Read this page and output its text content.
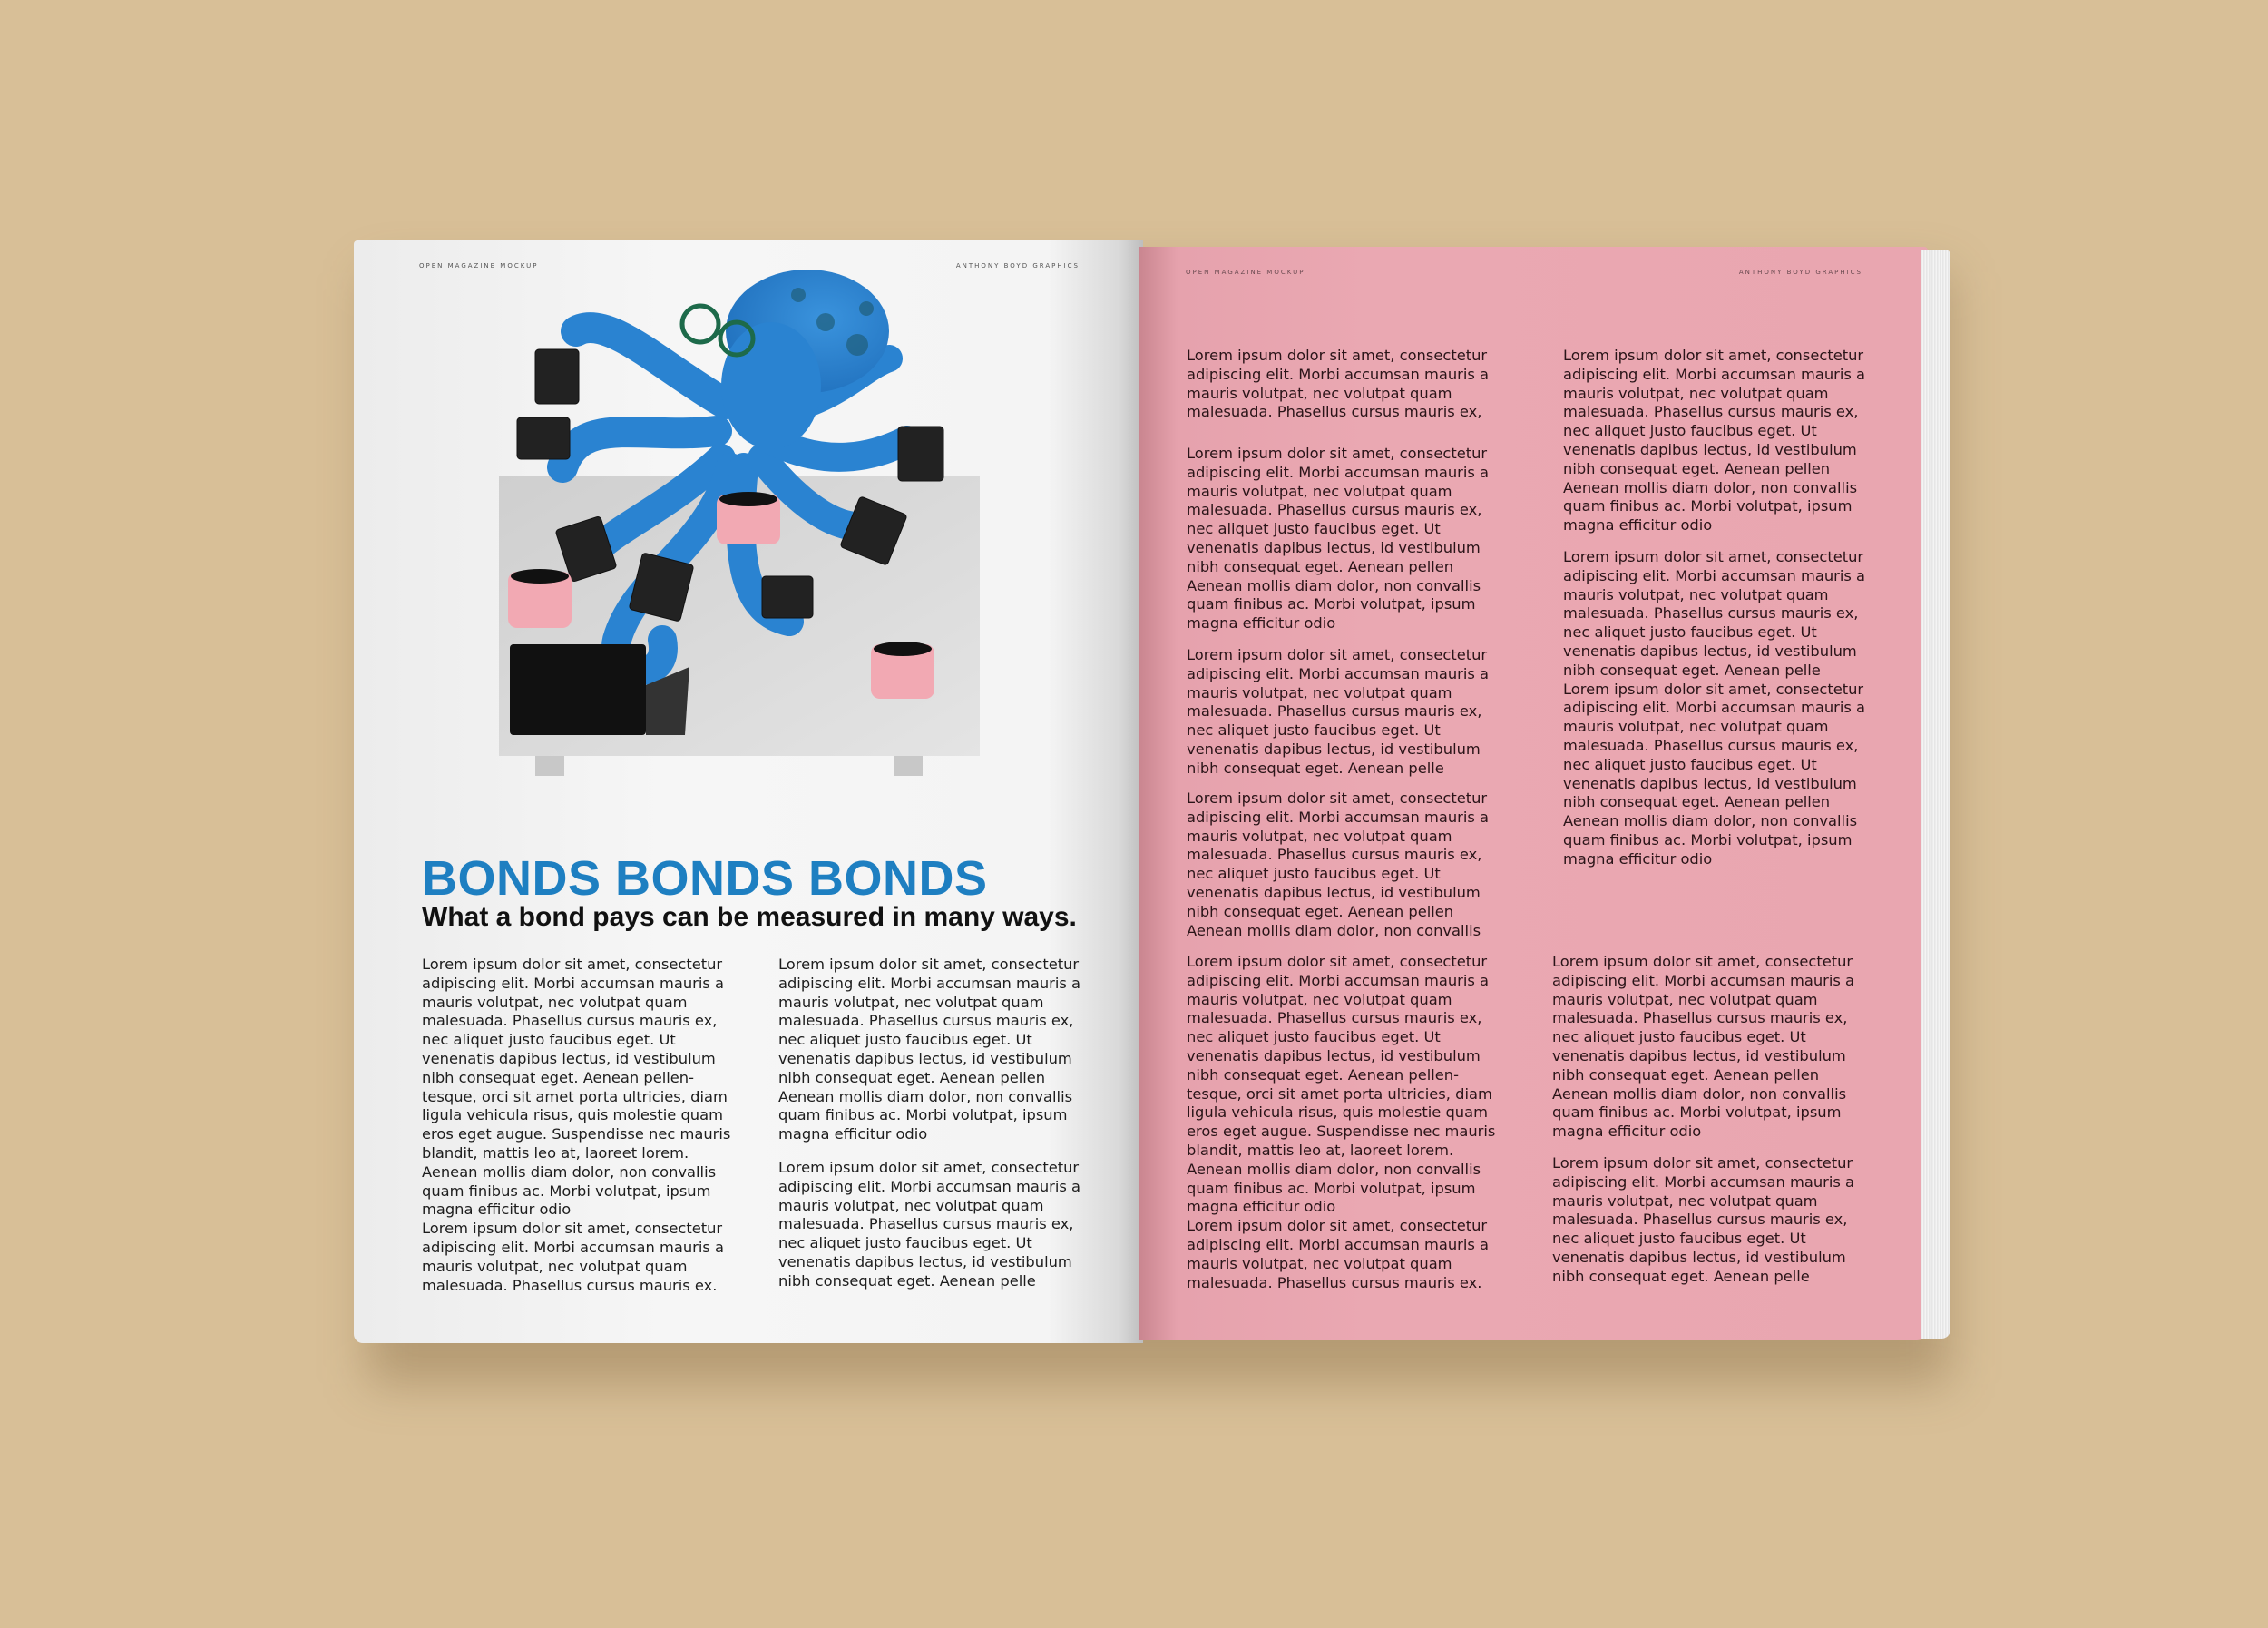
OPEN MAGAZINE MOCKUP	ANTHONY BOYD GRAPHICS
BONDS BONDS BONDS
What a bond pays can be measured in many ways.

Lorem ipsum dolor sit amet, consectetur
adipiscing elit. Morbi accumsan mauris a
mauris volutpat, nec volutpat quam
malesuada. Phasellus cursus mauris ex,
nec aliquet justo faucibus eget. Ut
venenatis dapibus lectus, id vestibulum
nibh consequat eget. Aenean pellen-
tesque, orci sit amet porta ultricies, diam
ligula vehicula risus, quis molestie quam
eros eget augue. Suspendisse nec mauris
blandit, mattis leo at, laoreet lorem.
Aenean mollis diam dolor, non convallis
quam finibus ac. Morbi volutpat, ipsum
magna efficitur odio
Lorem ipsum dolor sit amet, consectetur
adipiscing elit. Morbi accumsan mauris a
mauris volutpat, nec volutpat quam
malesuada. Phasellus cursus mauris ex.

Lorem ipsum dolor sit amet, consectetur
adipiscing elit. Morbi accumsan mauris a
mauris volutpat, nec volutpat quam
malesuada. Phasellus cursus mauris ex,
nec aliquet justo faucibus eget. Ut
venenatis dapibus lectus, id vestibulum
nibh consequat eget. Aenean pellen
Aenean mollis diam dolor, non convallis
quam finibus ac. Morbi volutpat, ipsum
magna efficitur odio

Lorem ipsum dolor sit amet, consectetur
adipiscing elit. Morbi accumsan mauris a
mauris volutpat, nec volutpat quam
malesuada. Phasellus cursus mauris ex,
nec aliquet justo faucibus eget. Ut
venenatis dapibus lectus, id vestibulum
nibh consequat eget. Aenean pelle

OPEN MAGAZINE MOCKUP	ANTHONY BOYD GRAPHICS

Lorem ipsum dolor sit amet, consectetur
adipiscing elit. Morbi accumsan mauris a
mauris volutpat, nec volutpat quam
malesuada. Phasellus cursus mauris ex,

Lorem ipsum dolor sit amet, consectetur
adipiscing elit. Morbi accumsan mauris a
mauris volutpat, nec volutpat quam
malesuada. Phasellus cursus mauris ex,
nec aliquet justo faucibus eget. Ut
venenatis dapibus lectus, id vestibulum
nibh consequat eget. Aenean pellen
Aenean mollis diam dolor, non convallis
quam finibus ac. Morbi volutpat, ipsum
magna efficitur odio

Lorem ipsum dolor sit amet, consectetur
adipiscing elit. Morbi accumsan mauris a
mauris volutpat, nec volutpat quam
malesuada. Phasellus cursus mauris ex,
nec aliquet justo faucibus eget. Ut
venenatis dapibus lectus, id vestibulum
nibh consequat eget. Aenean pelle

Lorem ipsum dolor sit amet, consectetur
adipiscing elit. Morbi accumsan mauris a
mauris volutpat, nec volutpat quam
malesuada. Phasellus cursus mauris ex,
nec aliquet justo faucibus eget. Ut
venenatis dapibus lectus, id vestibulum
nibh consequat eget. Aenean pellen
Aenean mollis diam dolor, non convallis

Lorem ipsum dolor sit amet, consectetur
adipiscing elit. Morbi accumsan mauris a
mauris volutpat, nec volutpat quam
malesuada. Phasellus cursus mauris ex,
nec aliquet justo faucibus eget. Ut
venenatis dapibus lectus, id vestibulum
nibh consequat eget. Aenean pellen-
tesque, orci sit amet porta ultricies, diam
ligula vehicula risus, quis molestie quam
eros eget augue. Suspendisse nec mauris
blandit, mattis leo at, laoreet lorem.
Aenean mollis diam dolor, non convallis
quam finibus ac. Morbi volutpat, ipsum
magna efficitur odio
Lorem ipsum dolor sit amet, consectetur
adipiscing elit. Morbi accumsan mauris a
mauris volutpat, nec volutpat quam
malesuada. Phasellus cursus mauris ex.

Lorem ipsum dolor sit amet, consectetur
adipiscing elit. Morbi accumsan mauris a
mauris volutpat, nec volutpat quam
malesuada. Phasellus cursus mauris ex,
nec aliquet justo faucibus eget. Ut
venenatis dapibus lectus, id vestibulum
nibh consequat eget. Aenean pellen
Aenean mollis diam dolor, non convallis
quam finibus ac. Morbi volutpat, ipsum
magna efficitur odio

Lorem ipsum dolor sit amet, consectetur
adipiscing elit. Morbi accumsan mauris a
mauris volutpat, nec volutpat quam
malesuada. Phasellus cursus mauris ex,
nec aliquet justo faucibus eget. Ut
venenatis dapibus lectus, id vestibulum
nibh consequat eget. Aenean pelle
Lorem ipsum dolor sit amet, consectetur
adipiscing elit. Morbi accumsan mauris a
mauris volutpat, nec volutpat quam
malesuada. Phasellus cursus mauris ex,
nec aliquet justo faucibus eget. Ut
venenatis dapibus lectus, id vestibulum
nibh consequat eget. Aenean pellen
Aenean mollis diam dolor, non convallis
quam finibus ac. Morbi volutpat, ipsum
magna efficitur odio

Lorem ipsum dolor sit amet, consectetur
adipiscing elit. Morbi accumsan mauris a
mauris volutpat, nec volutpat quam
malesuada. Phasellus cursus mauris ex,
nec aliquet justo faucibus eget. Ut
venenatis dapibus lectus, id vestibulum
nibh consequat eget. Aenean pellen
Aenean mollis diam dolor, non convallis
quam finibus ac. Morbi volutpat, ipsum
magna efficitur odio

Lorem ipsum dolor sit amet, consectetur
adipiscing elit. Morbi accumsan mauris a
mauris volutpat, nec volutpat quam
malesuada. Phasellus cursus mauris ex,
nec aliquet justo faucibus eget. Ut
venenatis dapibus lectus, id vestibulum
nibh consequat eget. Aenean pelle
